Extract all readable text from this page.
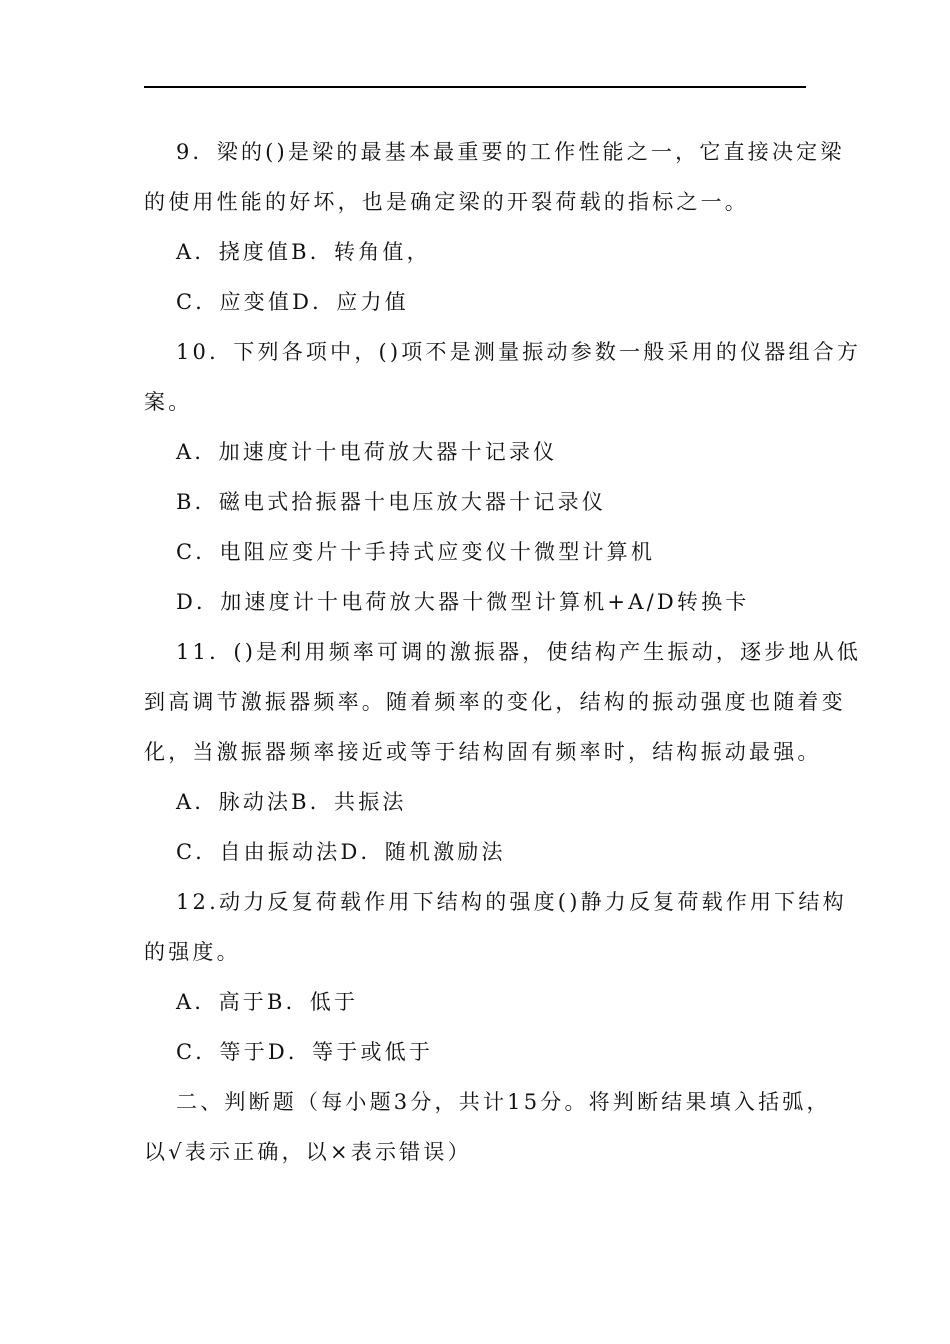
9．梁的()是梁的最基本最重要的工作性能之一，它直接决定梁
的使用性能的好坏，也是确定梁的开裂荷载的指标之一。
A．挠度值B．转角值，
C．应变值D．应力值
10．下列各项中，()项不是测量振动参数一般采用的仪器组合方
案。
A．加速度计十电荷放大器十记录仪
B．磁电式拾振器十电压放大器十记录仪
C．电阻应变片十手持式应变仪十微型计算机
D．加速度计十电荷放大器十微型计算机+A/D转换卡
11．()是利用频率可调的激振器，使结构产生振动，逐步地从低
到高调节激振器频率。随着频率的变化，结构的振动强度也随着变
化，当激振器频率接近或等于结构固有频率时，结构振动最强。
A．脉动法B．共振法
C．自由振动法D．随机激励法
12.动力反复荷载作用下结构的强度()静力反复荷载作用下结构
的强度。
A．高于B．低于
C．等于D．等于或低于
二、判断题（每小题3分，共计15分。将判断结果填入括弧，
以√表示正确，以×表示错误）
